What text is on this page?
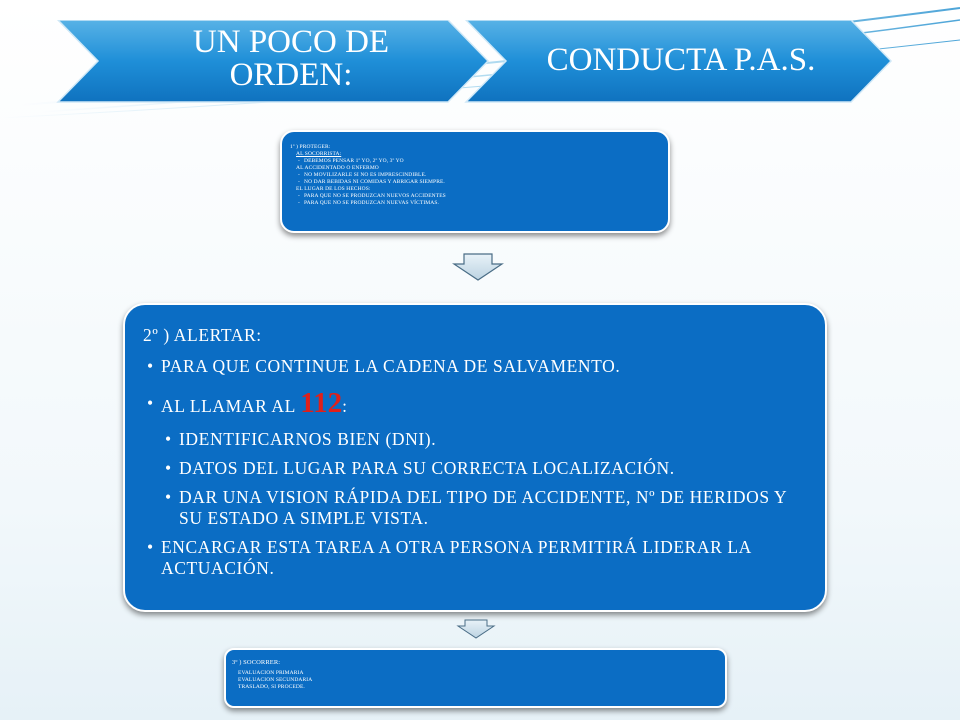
UN POCO DE ORDEN:	CONDUCTA P.A.S.
1º ) PROTEGER:
AL SOCORRISTA:
- DEBEMOS PENSAR 1º YO, 2º YO, 3º YO
AL ACCIDENTADO O ENFERMO
- NO MOVILIZARLE SI NO ES IMPRESCINDIBLE.
- NO DAR BEBIDAS NI COMIDAS Y ABRIGAR SIEMPRE.
EL LUGAR DE LOS HECHOS:
- PARA QUE NO SE PRODUZCAN NUEVOS ACCIDENTES
- PARA QUE NO SE PRODUZCAN NUEVAS VÍCTIMAS.
2º ) ALERTAR:
• PARA QUE CONTINUE LA CADENA DE SALVAMENTO.
• AL LLAMAR AL 112:
• IDENTIFICARNOS BIEN (DNI).
• DATOS DEL LUGAR PARA SU CORRECTA LOCALIZACIÓN.
• DAR UNA VISION RÁPIDA DEL TIPO DE ACCIDENTE, Nº DE HERIDOS Y SU ESTADO A SIMPLE VISTA.
• ENCARGAR ESTA TAREA A OTRA PERSONA PERMITIRÁ LIDERAR LA ACTUACIÓN.
3º ) SOCORRER:
EVALUACION PRIMARIA
EVALUACION SECUNDARIA
TRASLADO, SI PROCEDE.
